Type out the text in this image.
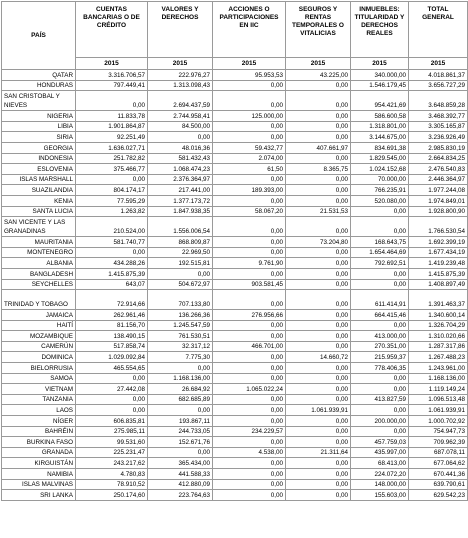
PAÍS	CUENTAS BANCARIAS O DE CRÉDITO	VALORES Y DERECHOS	ACCIONES O PARTICIPACIONES EN IIC	SEGUROS Y RENTAS TEMPORALES O VITALICIAS	INMUEBLES: TITULARIDAD Y DERECHOS REALES	TOTAL GENERAL
	2015	2015	2015	2015	2015	2015
QATAR	3.316.706,57	222.976,27	95.953,53	43.225,00	340.000,00	4.018.861,37
HONDURAS	797.449,41	1.313.098,43	0,00	0,00	1.546.179,45	3.656.727,29
SAN CRISTOBAL Y NIEVES	0,00	2.694.437,59	0,00	0,00	954.421,69	3.648.859,28
NIGERIA	11.833,78	2.744.958,41	125.000,00	0,00	586.600,58	3.468.392,77
LIBIA	1.901.864,87	84.500,00	0,00	0,00	1.318.801,00	3.305.165,87
SIRIA	92.251,49	0,00	0,00	0,00	3.144.675,00	3.236.926,49
GEORGIA	1.636.027,71	48.016,36	59.432,77	407.661,97	834.691,38	2.985.830,19
INDONESIA	251.782,82	581.432,43	2.074,00	0,00	1.829.545,00	2.664.834,25
ESLOVENIA	375.466,77	1.068.474,23	61,50	8.365,75	1.024.152,68	2.476.540,83
ISLAS MARSHALL	0,00	2.376.364,97	0,00	0,00	70.000,00	2.446.364,97
SUAZILANDIA	804.174,17	217.441,00	189.393,00	0,00	766.235,91	1.977.244,08
KENIA	77.595,29	1.377.173,72	0,00	0,00	520.080,00	1.974.849,01
SANTA LUCIA	1.263,82	1.847.938,35	58.067,20	21.531,53	0,00	1.928.800,90
SAN VICENTE Y LAS GRANADINAS	210.524,00	1.556.006,54	0,00	0,00	0,00	1.766.530,54
MAURITANIA	581.740,77	868.809,87	0,00	73.204,80	168.643,75	1.692.399,19
MONTENEGRO	0,00	22.969,50	0,00	0,00	1.654.464,69	1.677.434,19
ALBANIA	434.288,26	192.515,81	9.761,90	0,00	792.692,51	1.419.239,48
BANGLADESH	1.415.875,39	0,00	0,00	0,00	0,00	1.415.875,39
SEYCHELLES	643,07	504.672,97	903.581,45	0,00	0,00	1.408.897,49
TRINIDAD Y TOBAGO	72.914,66	707.133,80	0,00	0,00	611.414,91	1.391.463,37
JAMAICA	262.961,46	136.266,36	276.956,66	0,00	664.415,46	1.340.600,14
HAITÍ	81.156,70	1.245.547,59	0,00	0,00	0,00	1.326.704,29
MOZAMBIQUE	138.490,15	761.530,51	0,00	0,00	413.000,00	1.310.020,66
CAMERÚN	517.858,74	32.317,12	466.701,00	0,00	270.351,00	1.287.317,86
DOMINICA	1.029.092,84	7.775,30	0,00	14.660,72	215.959,37	1.267.488,23
BIELORRUSIA	465.554,65	0,00	0,00	0,00	778.406,35	1.243.961,00
SAMOA	0,00	1.168.136,00	0,00	0,00	0,00	1.168.136,00
VIETNAM	27.442,08	26.684,92	1.065.022,24	0,00	0,00	1.119.149,24
TANZANIA	0,00	682.685,89	0,00	0,00	413.827,59	1.096.513,48
LAOS	0,00	0,00	0,00	1.061.939,91	0,00	1.061.939,91
NÍGER	606.835,81	193.867,11	0,00	0,00	200.000,00	1.000.702,92
BAHRÉIN	275.985,11	244.733,05	234.229,57	0,00	0,00	754.947,73
BURKINA FASO	99.531,60	152.671,76	0,00	0,00	457.759,03	709.962,39
GRANADA	225.231,47	0,00	4.538,00	21.311,64	435.997,00	687.078,11
KIRGUISTÁN	243.217,62	365.434,00	0,00	0,00	68.413,00	677.064,62
NAMIBIA	4.780,83	441.588,33	0,00	0,00	224.072,20	670.441,36
ISLAS MALVINAS	78.910,52	412.880,09	0,00	0,00	148.000,00	639.790,61
SRI LANKA	250.174,60	223.764,63	0,00	0,00	155.603,00	629.542,23
